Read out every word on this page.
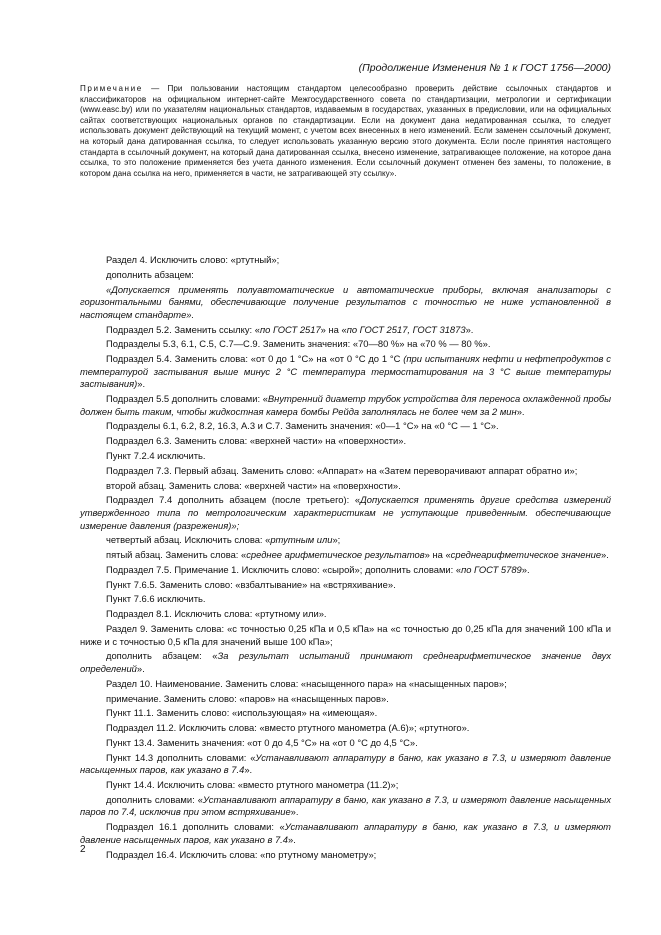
(Продолжение Изменения № 1 к ГОСТ 1756—2000)
Примечание — При пользовании настоящим стандартом целесообразно проверить действие ссылочных стандартов и классификаторов на официальном интернет-сайте Межгосударственного совета по стандартизации, метрологии и сертификации (www.easc.by) или по указателям национальных стандартов, издаваемым в государствах, указанных в предисловии, или на официальных сайтах соответствующих национальных органов по стандартизации. Если на документ дана недатированная ссылка, то следует использовать документ действующий на текущий момент, с учетом всех внесенных в него изменений. Если заменен ссылочный документ, на который дана датированная ссылка, то следует использовать указанную версию этого документа. Если после принятия настоящего стандарта в ссылочный документ, на который дана датированная ссылка, внесено изменение, затрагивающее положение, на которое дана ссылка, то это положение применяется без учета данного изменения. Если ссылочный документ отменен без замены, то положение, в котором дана ссылка на него, применяется в части, не затрагивающей эту ссылку».

Раздел 4. Исключить слово: «ртутный»;

дополнить абзацем:

«Допускается применять полуавтоматические и автоматические приборы, включая анализаторы с горизонтальными банями, обеспечивающие получение результатов с точностью не ниже установленной в настоящем стандарте».

Подраздел 5.2. Заменить ссылку: «по ГОСТ 2517» на «по ГОСТ 2517, ГОСТ 31873».

Подразделы 5.3, 6.1, С.5, С.7—С.9. Заменить значения: «70—80 %» на «70 % — 80 %».

Подраздел 5.4. Заменить слова: «от 0 до 1 °С» на «от 0 °С до 1 °С (при испытаниях нефти и нефтепродуктов с температурой застывания выше минус 2 °С температура термостатирования на 3 °С выше температуры застывания)».

Подраздел 5.5 дополнить словами: «Внутренний диаметр трубок устройства для переноса охлажденной пробы должен быть таким, чтобы жидкостная камера бомбы Рейда заполнялась не более чем за 2 мин».

Подразделы 6.1, 6.2, 8.2, 16.3, А.3 и С.7. Заменить значения: «0—1 °С» на «0 °С — 1 °С».

Подраздел 6.3. Заменить слова: «верхней части» на «поверхности».

Пункт 7.2.4 исключить.

Подраздел 7.3. Первый абзац. Заменить слово: «Аппарат» на «Затем переворачивают аппарат обратно и»;

второй абзац. Заменить слова: «верхней части» на «поверхности».

Подраздел 7.4 дополнить абзацем (после третьего): «Допускается применять другие средства измерений утвержденного типа по метрологическим характеристикам не уступающие приведенным. обеспечивающие измерение давления (разрежения)»;

четвертый абзац. Исключить слова: «ртутным или»;

пятый абзац. Заменить слова: «среднее арифметическое результатов» на «среднеарифметическое значение».

Подраздел 7.5. Примечание 1. Исключить слово: «сырой»; дополнить словами: «по ГОСТ 5789».

Пункт 7.6.5. Заменить слово: «взбалтывание» на «встряхивание».

Пункт 7.6.6 исключить.

Подраздел 8.1. Исключить слова: «ртутному или».

Раздел 9. Заменить слова: «с точностью 0,25 кПа и 0,5 кПа» на «с точностью до 0,25 кПа для значений 100 кПа и ниже и с точностью 0,5 кПа для значений выше 100 кПа»;

дополнить абзацем: «За результат испытаний принимают среднеарифметическое значение двух определений».

Раздел 10. Наименование. Заменить слова: «насыщенного пара» на «насыщенных паров»;

примечание. Заменить слово: «паров» на «насыщенных паров».

Пункт 11.1. Заменить слово: «использующая» на «имеющая».

Подраздел 11.2. Исключить слова: «вместо ртутного манометра (А.6)»; «ртутного».

Пункт 13.4. Заменить значения: «от 0 до 4,5 °С» на «от 0 °С до 4,5 °С».

Пункт 14.3 дополнить словами: «Устанавливают аппаратуру в баню, как указано в 7.3, и измеряют давление насыщенных паров, как указано в 7.4».

Пункт 14.4. Исключить слова: «вместо ртутного манометра (11.2)»;

дополнить словами: «Устанавливают аппаратуру в баню, как указано в 7.3, и измеряют давление насыщенных паров по 7.4, исключив при этом встряхивание».

Подраздел 16.1 дополнить словами: «Устанавливают аппаратуру в баню, как указано в 7.3, и измеряют давление насыщенных паров, как указано в 7.4».

Подраздел 16.4. Исключить слова: «по ртутному манометру»;

2
